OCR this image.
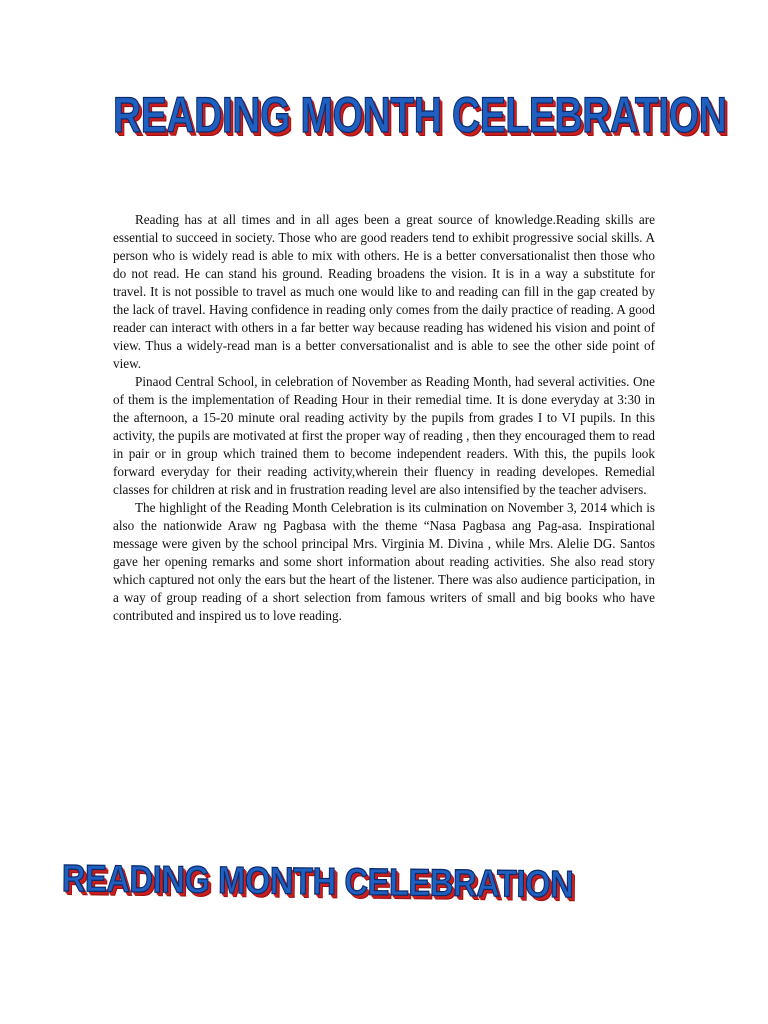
READING MONTH CELEBRATION

Reading has at all times and in all ages been a great source of knowledge.Reading skills are essential to succeed in society. Those who are good readers tend to exhibit progressive social skills. A person who is widely read is able to mix with others. He is a better conversationalist then those who do not read. He can stand his ground. Reading broadens the vision. It is in a way a substitute for travel. It is not possible to travel as much one would like to and reading can fill in the gap created by the lack of travel. Having confidence in reading only comes from the daily practice of reading. A good reader can interact with others in a far better way because reading has widened his vision and point of view. Thus a widely-read man is a better conversationalist and is able to see the other side point of view.

Pinaod Central School, in celebration of November as Reading Month, had several activities. One of them is the implementation of Reading Hour in their remedial time. It is done everyday at 3:30 in the afternoon, a 15-20 minute oral reading activity by the pupils from grades I to VI pupils. In this activity, the pupils are motivated at first the proper way of reading , then they encouraged them to read in pair or in group which trained them to become independent readers. With this, the pupils look forward everyday for their reading activity,wherein their fluency in reading developes. Remedial classes for children at risk and in frustration reading level are also intensified by the teacher advisers.

The highlight of the Reading Month Celebration is its culmination on November 3, 2014 which is also the nationwide Araw ng Pagbasa with the theme “Nasa Pagbasa ang Pag-asa. Inspirational message were given by the school principal Mrs. Virginia M. Divina , while Mrs. Alelie DG. Santos gave her opening remarks and some short information about reading activities. She also read story which captured not only the ears but the heart of the listener. There was also audience participation, in a way of group reading of a short selection from famous writers of small and big books who have contributed and inspired us to love reading.

READING MONTH CELEBRATION
